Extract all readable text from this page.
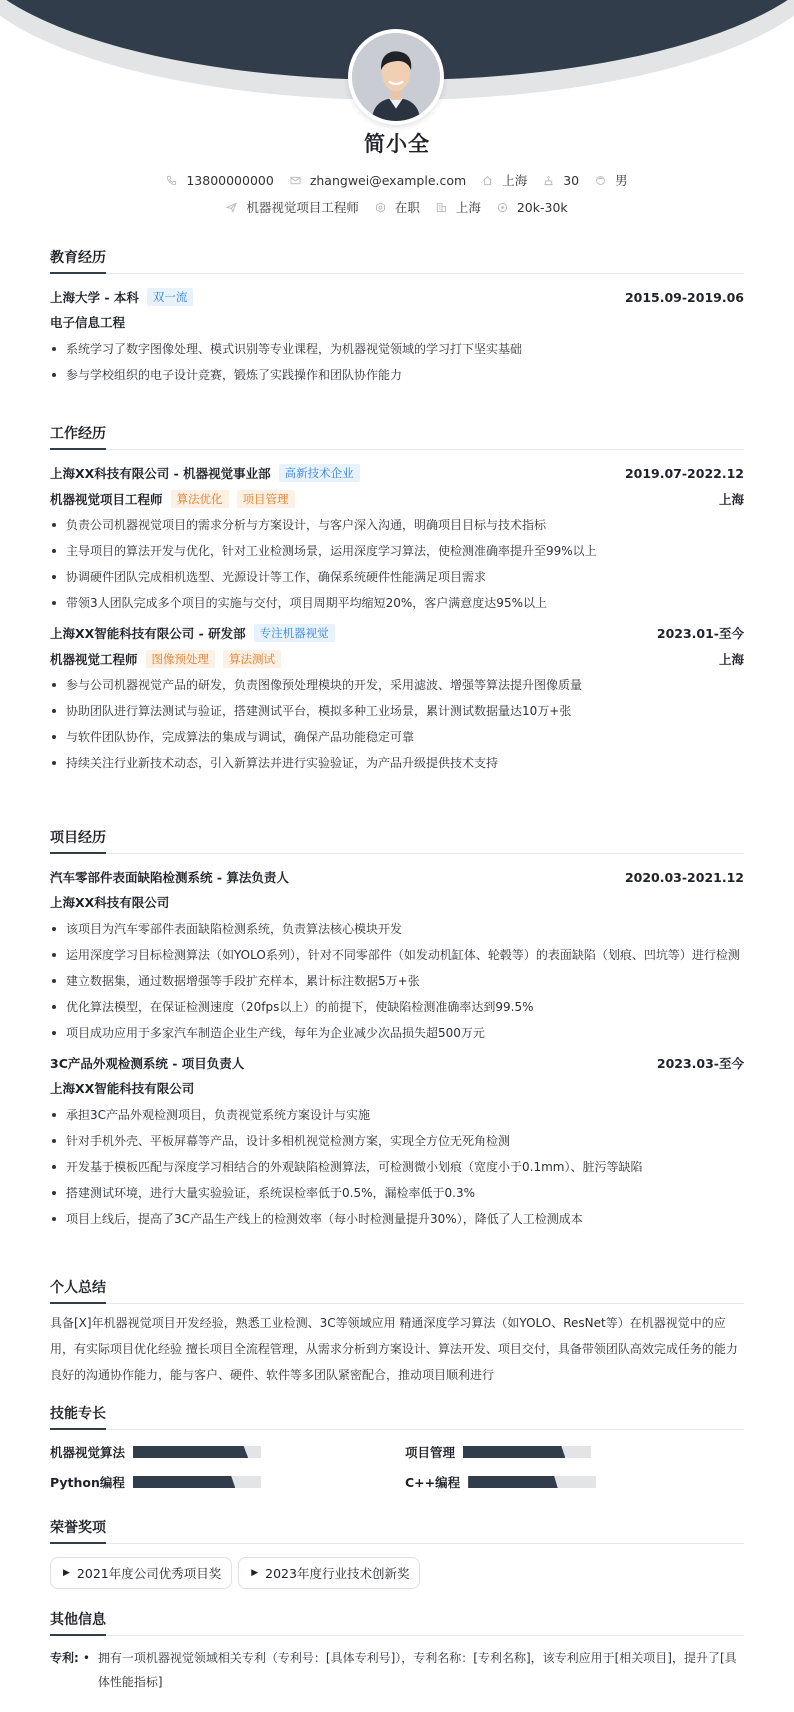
简小全
13800000000	zhangwei@example.com	上海	30	男
机器视觉项目工程师	在职	上海	20k-30k
教育经历
上海大学 - 本科	双一流	2015.09-2019.06
电子信息工程
系统学习了数字图像处理、模式识别等专业课程，为机器视觉领域的学习打下坚实基础
参与学校组织的电子设计竞赛，锻炼了实践操作和团队协作能力
工作经历
上海XX科技有限公司 - 机器视觉事业部	高新技术企业	2019.07-2022.12
机器视觉项目工程师	算法优化	项目管理	上海
负责公司机器视觉项目的需求分析与方案设计，与客户深入沟通，明确项目目标与技术指标
主导项目的算法开发与优化，针对工业检测场景，运用深度学习算法，使检测准确率提升至99%以上
协调硬件团队完成相机选型、光源设计等工作，确保系统硬件性能满足项目需求
带领3人团队完成多个项目的实施与交付，项目周期平均缩短20%，客户满意度达95%以上
上海XX智能科技有限公司 - 研发部	专注机器视觉	2023.01-至今
机器视觉工程师	图像预处理	算法测试	上海
参与公司机器视觉产品的研发，负责图像预处理模块的开发，采用滤波、增强等算法提升图像质量
协助团队进行算法测试与验证，搭建测试平台，模拟多种工业场景，累计测试数据量达10万+张
与软件团队协作，完成算法的集成与调试，确保产品功能稳定可靠
持续关注行业新技术动态，引入新算法并进行实验验证，为产品升级提供技术支持
项目经历
汽车零部件表面缺陷检测系统 - 算法负责人	2020.03-2021.12
上海XX科技有限公司
该项目为汽车零部件表面缺陷检测系统，负责算法核心模块开发
运用深度学习目标检测算法（如YOLO系列），针对不同零部件（如发动机缸体、轮毂等）的表面缺陷（划痕、凹坑等）进行检测
建立数据集，通过数据增强等手段扩充样本，累计标注数据5万+张
优化算法模型，在保证检测速度（20fps以上）的前提下，使缺陷检测准确率达到99.5%
项目成功应用于多家汽车制造企业生产线，每年为企业减少次品损失超500万元
3C产品外观检测系统 - 项目负责人	2023.03-至今
上海XX智能科技有限公司
承担3C产品外观检测项目，负责视觉系统方案设计与实施
针对手机外壳、平板屏幕等产品，设计多相机视觉检测方案，实现全方位无死角检测
开发基于模板匹配与深度学习相结合的外观缺陷检测算法，可检测微小划痕（宽度小于0.1mm）、脏污等缺陷
搭建测试环境，进行大量实验验证，系统误检率低于0.5%，漏检率低于0.3%
项目上线后，提高了3C产品生产线上的检测效率（每小时检测量提升30%），降低了人工检测成本
个人总结
具备[X]年机器视觉项目开发经验，熟悉工业检测、3C等领域应用 精通深度学习算法（如YOLO、ResNet等）在机器视觉中的应用，有实际项目优化经验 擅长项目全流程管理，从需求分析到方案设计、算法开发、项目交付，具备带领团队高效完成任务的能力 良好的沟通协作能力，能与客户、硬件、软件等多团队紧密配合，推动项目顺利进行
技能专长
机器视觉算法	项目管理
Python编程	C++编程
荣誉奖项
▶ 2021年度公司优秀项目奖	▶ 2023年度行业技术创新奖
其他信息
专利: • 拥有一项机器视觉领域相关专利（专利号：[具体专利号]），专利名称：[专利名称]，该专利应用于[相关项目]，提升了[具体性能指标]
